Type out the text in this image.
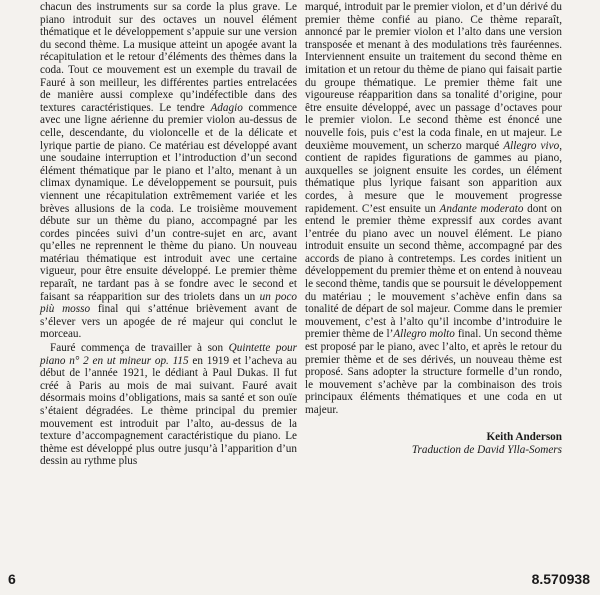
chacun des instruments sur sa corde la plus grave. Le piano introduit sur des octaves un nouvel élément thématique et le développement s’appuie sur une version du second thème. La musique atteint un apogée avant la récapitulation et le retour d’éléments des thèmes dans la coda. Tout ce mouvement est un exemple du travail de Fauré à son meilleur, les différentes parties entrelacées de manière aussi complexe qu’indéfectible dans des textures caractéristiques. Le tendre Adagio commence avec une ligne aérienne du premier violon au-dessus de celle, descendante, du violoncelle et de la délicate et lyrique partie de piano. Ce matériau est développé avant une soudaine interruption et l’introduction d’un second élément thématique par le piano et l’alto, menant à un climax dynamique. Le développement se poursuit, puis viennent une récapitulation extrêmement variée et les brèves allusions de la coda. Le troisième mouvement débute sur un thème du piano, accompagné par les cordes pincées suivi d’un contre-sujet en arc, avant qu’elles ne reprennent le thème du piano. Un nouveau matériau thématique est introduit avec une certaine vigueur, pour être ensuite développé. Le premier thème reparaît, ne tardant pas à se fondre avec le second et faisant sa réapparition sur des triolets dans un un poco più mosso final qui s’atténue brièvement avant de s’élever vers un apogée de ré majeur qui conclut le morceau.

Fauré commença de travailler à son Quintette pour piano n° 2 en ut mineur op. 115 en 1919 et l’acheva au début de l’année 1921, le dédiant à Paul Dukas. Il fut créé à Paris au mois de mai suivant. Fauré avait désormais moins d’obligations, mais sa santé et son ouïe s’étaient dégradées. Le thème principal du premier mouvement est introduit par l’alto, au-dessus de la texture d’accompagnement caractéristique du piano. Le thème est développé plus outre jusqu’à l’apparition d’un dessin au rythme plus

marqué, introduit par le premier violon, et d’un dérivé du premier thème confié au piano. Ce thème reparaît, annoncé par le premier violon et l’alto dans une version transposée et menant à des modulations très fauréennes. Interviennent ensuite un traitement du second thème en imitation et un retour du thème de piano qui faisait partie du groupe thématique. Le premier thème fait une vigoureuse réapparition dans sa tonalité d’origine, pour être ensuite développé, avec un passage d’octaves pour le premier violon. Le second thème est énoncé une nouvelle fois, puis c’est la coda finale, en ut majeur. Le deuxième mouvement, un scherzo marqué Allegro vivo, contient de rapides figurations de gammes au piano, auxquelles se joignent ensuite les cordes, un élément thématique plus lyrique faisant son apparition aux cordes, à mesure que le mouvement progresse rapidement. C’est ensuite un Andante moderato dont on entend le premier thème expressif aux cordes avant l’entrée du piano avec un nouvel élément. Le piano introduit ensuite un second thème, accompagné par des accords de piano à contretemps. Les cordes initient un développement du premier thème et on entend à nouveau le second thème, tandis que se poursuit le développement du matériau ; le mouvement s’achève enfin dans sa tonalité de départ de sol majeur. Comme dans le premier mouvement, c’est à l’alto qu’il incombe d’introduire le premier thème de l’Allegro molto final. Un second thème est proposé par le piano, avec l’alto, et après le retour du premier thème et de ses dérivés, un nouveau thème est proposé. Sans adopter la structure formelle d’un rondo, le mouvement s’achève par la combinaison des trois principaux éléments thématiques et une coda en ut majeur.

Keith Anderson
Traduction de David Ylla-Somers
6	8.570938
